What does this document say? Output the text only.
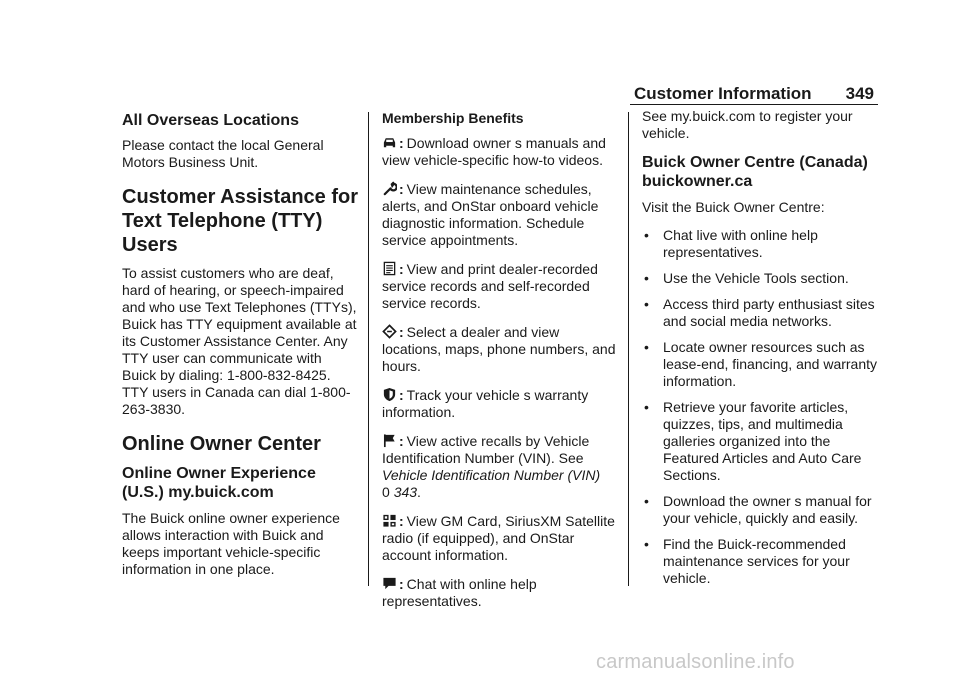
Customer Information 349
All Overseas Locations

Please contact the local General Motors Business Unit.

Customer Assistance for Text Telephone (TTY) Users

To assist customers who are deaf, hard of hearing, or speech-impaired and who use Text Telephones (TTYs), Buick has TTY equipment available at its Customer Assistance Center. Any TTY user can communicate with Buick by dialing: 1-800-832-8425. TTY users in Canada can dial 1-800-263-3830.

Online Owner Center
Online Owner Experience (U.S.) my.buick.com

The Buick online owner experience allows interaction with Buick and keeps important vehicle-specific information in one place.

Membership Benefits
: Download owner s manuals and view vehicle-specific how-to videos.
: View maintenance schedules, alerts, and OnStar onboard vehicle diagnostic information. Schedule service appointments.
: View and print dealer-recorded service records and self-recorded service records.
: Select a dealer and view locations, maps, phone numbers, and hours.
: Track your vehicle s warranty information.
: View active recalls by Vehicle Identification Number (VIN). See Vehicle Identification Number (VIN)
0 343.
: View GM Card, SiriusXM Satellite radio (if equipped), and OnStar account information.
: Chat with online help representatives.

See my.buick.com to register your vehicle.

Buick Owner Centre (Canada) buickowner.ca

Visit the Buick Owner Centre:

• Chat live with online help representatives.
• Use the Vehicle Tools section.
• Access third party enthusiast sites and social media networks.
• Locate owner resources such as lease-end, financing, and warranty information.
• Retrieve your favorite articles, quizzes, tips, and multimedia galleries organized into the Featured Articles and Auto Care Sections.
• Download the owner s manual for your vehicle, quickly and easily.
• Find the Buick-recommended maintenance services for your vehicle.
carmanualsonline.info
